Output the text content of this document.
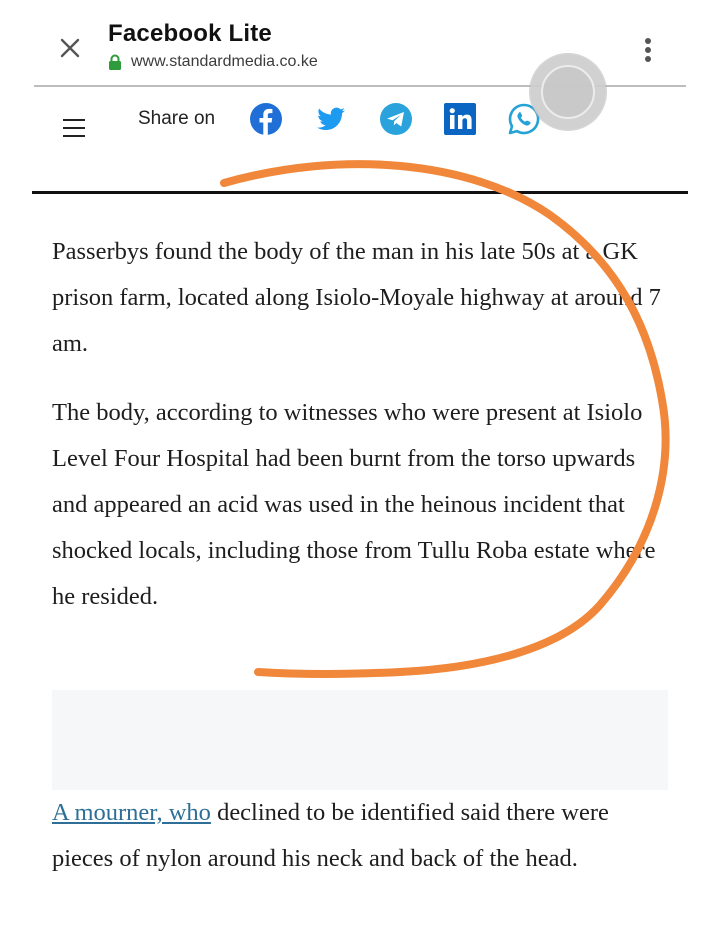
Facebook Lite
www.standardmedia.co.ke
Share on

Passerbys found the body of the man in his late 50s at a GK prison farm, located along Isiolo-Moyale highway at around 7 am.

The body, according to witnesses who were present at Isiolo Level Four Hospital had been burnt from the torso upwards and appeared an acid was used in the heinous incident that shocked locals, including those from Tullu Roba estate where he resided.

A mourner, who declined to be identified said there were pieces of nylon around his neck and back of the head.
